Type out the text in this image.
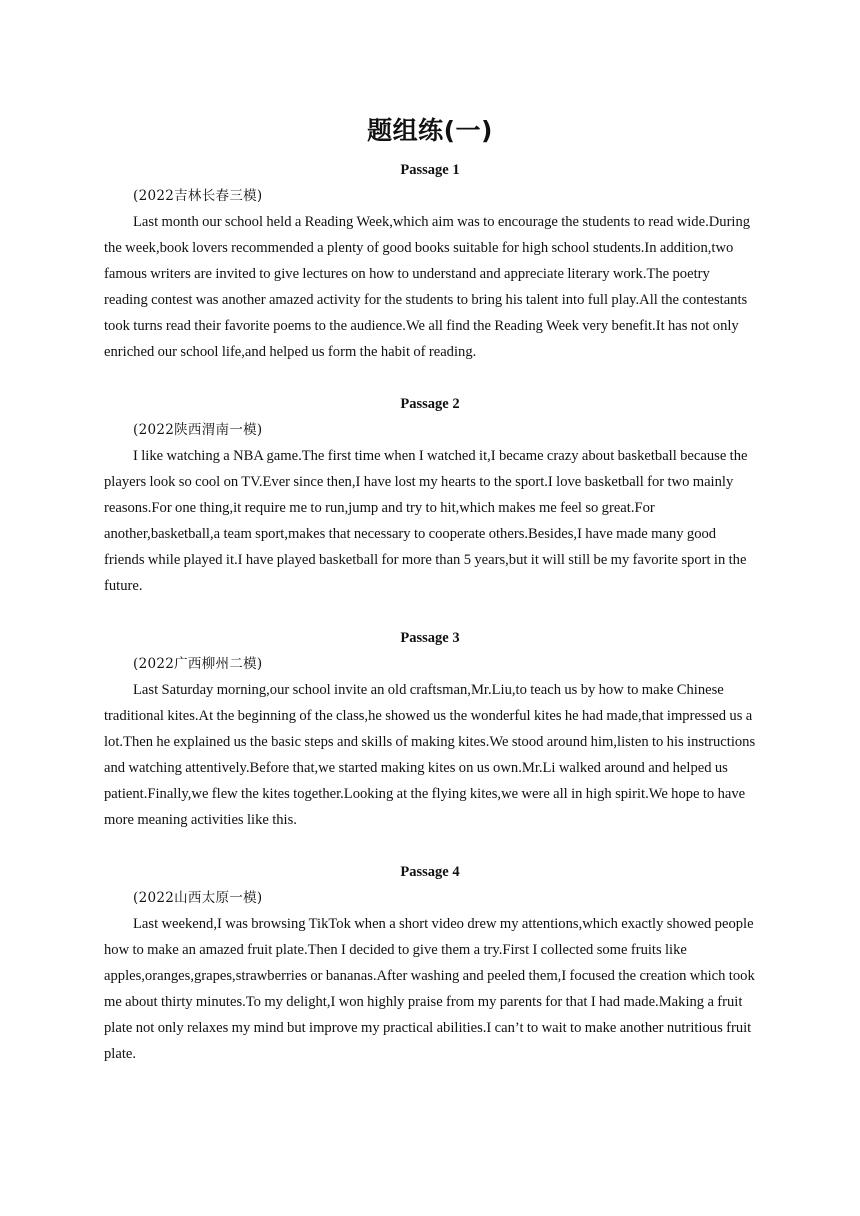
题组练(一)
Passage 1
(2022吉林长春三模)

Last month our school held a Reading Week,which aim was to encourage the students to read wide.During the week,book lovers recommended a plenty of good books suitable for high school students.In addition,two famous writers are invited to give lectures on how to understand and appreciate literary work.The poetry reading contest was another amazed activity for the students to bring his talent into full play.All the contestants took turns read their favorite poems to the audience.We all find the Reading Week very benefit.It has not only enriched our school life,and helped us form the habit of reading.

Passage 2
(2022陕西渭南一模)

I like watching a NBA game.The first time when I watched it,I became crazy about basketball because the players look so cool on TV.Ever since then,I have lost my hearts to the sport.I love basketball for two mainly reasons.For one thing,it require me to run,jump and try to hit,which makes me feel so great.For another,basketball,a team sport,makes that necessary to cooperate others.Besides,I have made many good friends while played it.I have played basketball for more than 5 years,but it will still be my favorite sport in the future.

Passage 3
(2022广西柳州二模)

Last Saturday morning,our school invite an old craftsman,Mr.Liu,to teach us by how to make Chinese traditional kites.At the beginning of the class,he showed us the wonderful kites he had made,that impressed us a lot.Then he explained us the basic steps and skills of making kites.We stood around him,listen to his instructions and watching attentively.Before that,we started making kites on us own.Mr.Li walked around and helped us patient.Finally,we flew the kites together.Looking at the flying kites,we were all in high spirit.We hope to have more meaning activities like this.

Passage 4
(2022山西太原一模)

Last weekend,I was browsing TikTok when a short video drew my attentions,which exactly showed people how to make an amazed fruit plate.Then I decided to give them a try.First I collected some fruits like apples,oranges,grapes,strawberries or bananas.After washing and peeled them,I focused the creation which took me about thirty minutes.To my delight,I won highly praise from my parents for that I had made.Making a fruit plate not only relaxes my mind but improve my practical abilities.I can’t to wait to make another nutritious fruit plate.
